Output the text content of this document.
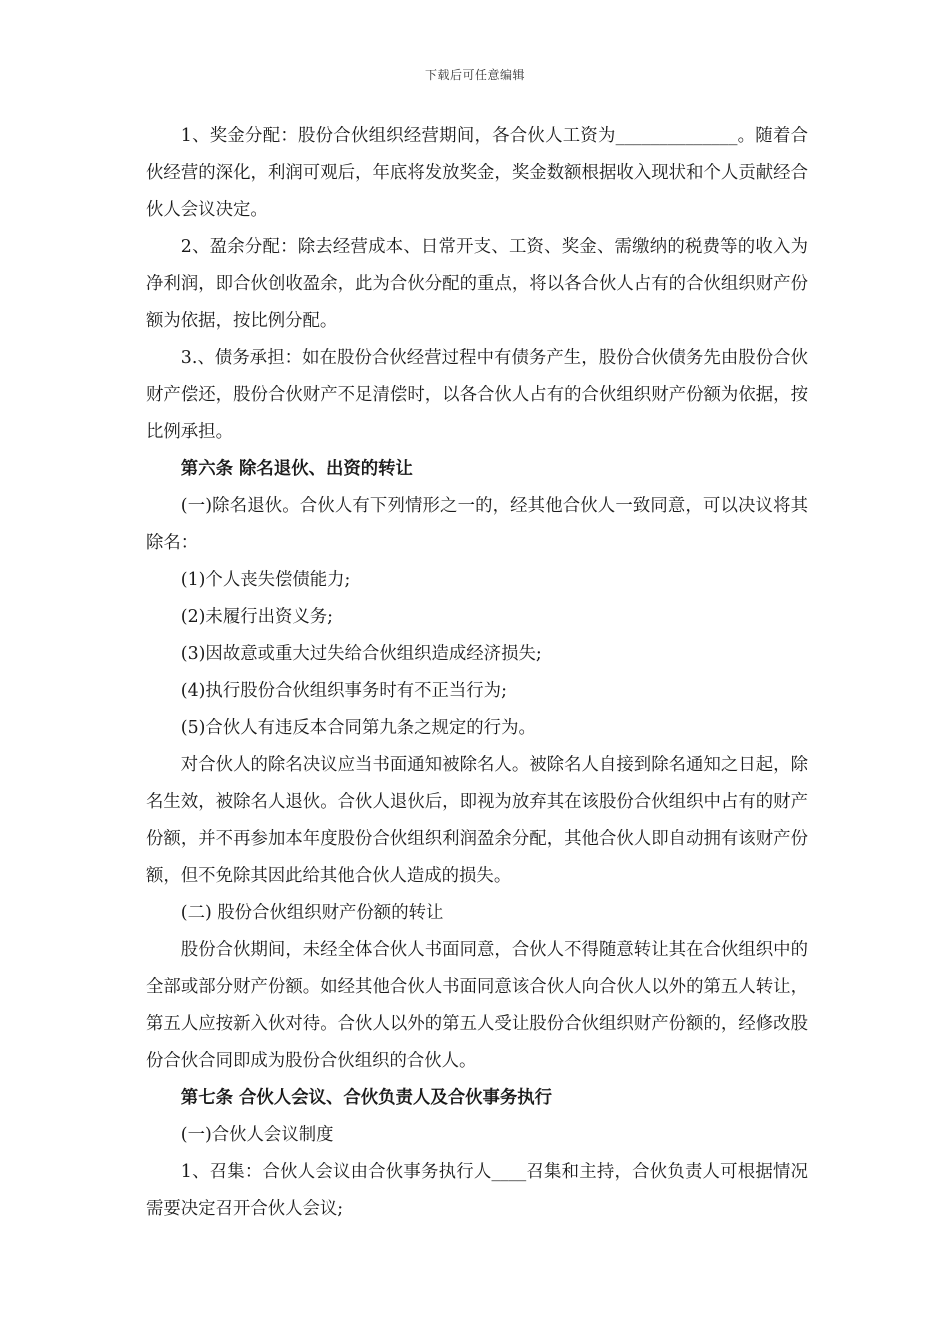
下载后可任意编辑

1、奖金分配：股份合伙组织经营期间，各合伙人工资为______________。随着合伙经营的深化，利润可观后，年底将发放奖金，奖金数额根据收入现状和个人贡献经合伙人会议决定。

2、盈余分配：除去经营成本、日常开支、工资、奖金、需缴纳的税费等的收入为净利润，即合伙创收盈余，此为合伙分配的重点，将以各合伙人占有的合伙组织财产份额为依据，按比例分配。

3.、债务承担：如在股份合伙经营过程中有债务产生，股份合伙债务先由股份合伙财产偿还，股份合伙财产不足清偿时，以各合伙人占有的合伙组织财产份额为依据，按比例承担。

第六条 除名退伙、出资的转让

(一)除名退伙。合伙人有下列情形之一的，经其他合伙人一致同意，可以决议将其除名：

(1)个人丧失偿债能力;

(2)未履行出资义务;

(3)因故意或重大过失给合伙组织造成经济损失;

(4)执行股份合伙组织事务时有不正当行为;

(5)合伙人有违反本合同第九条之规定的行为。

对合伙人的除名决议应当书面通知被除名人。被除名人自接到除名通知之日起，除名生效，被除名人退伙。合伙人退伙后，即视为放弃其在该股份合伙组织中占有的财产份额，并不再参加本年度股份合伙组织利润盈余分配，其他合伙人即自动拥有该财产份额，但不免除其因此给其他合伙人造成的损失。

(二) 股份合伙组织财产份额的转让

股份合伙期间，未经全体合伙人书面同意，合伙人不得随意转让其在合伙组织中的全部或部分财产份额。如经其他合伙人书面同意该合伙人向合伙人以外的第五人转让，第五人应按新入伙对待。合伙人以外的第五人受让股份合伙组织财产份额的，经修改股份合伙合同即成为股份合伙组织的合伙人。

第七条 合伙人会议、合伙负责人及合伙事务执行

(一)合伙人会议制度

1、召集：合伙人会议由合伙事务执行人____召集和主持，合伙负责人可根据情况需要决定召开合伙人会议;
